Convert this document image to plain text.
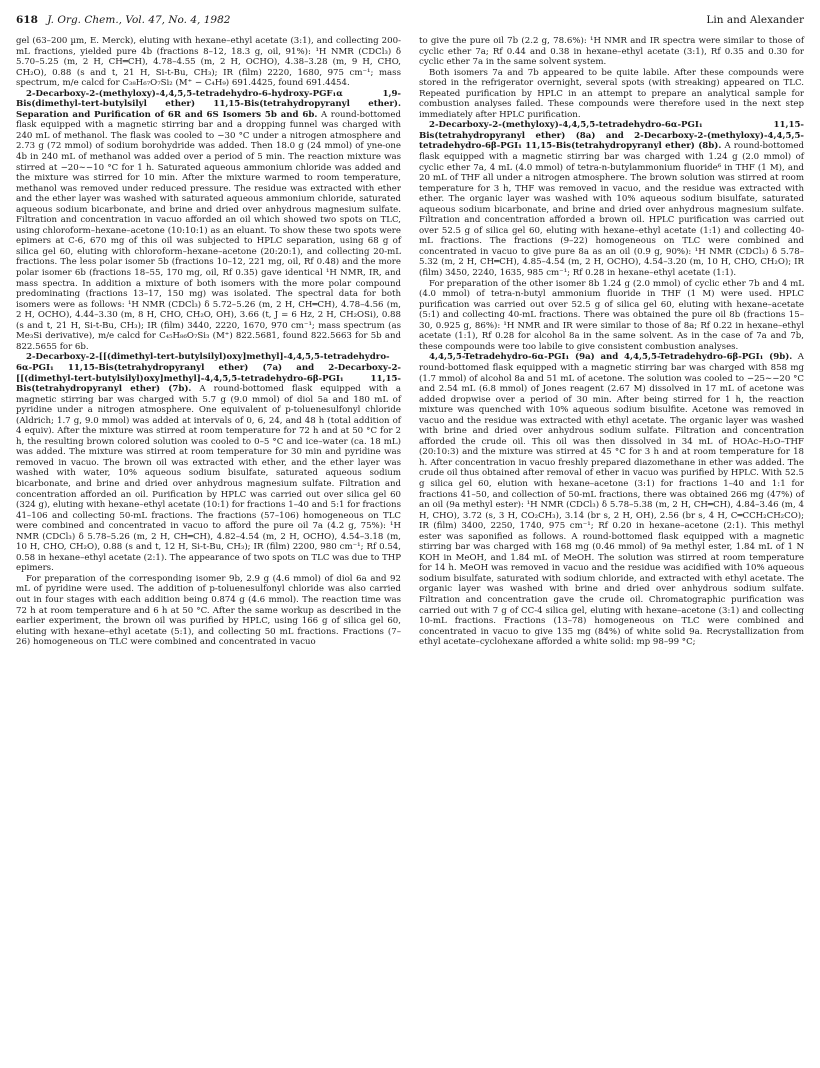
618 J. Org. Chem., Vol. 47, No. 4, 1982	Lin and Alexander

gel (63–200 µm, E. Merck), eluting with hexane–ethyl acetate (3:1), and collecting 200-mL fractions, yielded pure 4b (fractions 8–12, 18.3 g, oil, 91%): ¹H NMR (CDCl₃) δ 5.70–5.25 (m, 2 H, CH═CH), 4.78–4.55 (m, 2 H, OCHO), 4.38–3.28 (m, 9 H, CHO, CH₂O), 0.88 (s and t, 21 H, Si-t-Bu, CH₃); IR (film) 2220, 1680, 975 cm⁻¹; mass spectrum, m/e calcd for C₃₈H₆₇O₇Si₂ (M⁺ − C₄H₉) 691.4425, found 691.4454.

2-Decarboxy-2-(methyloxy)-4,4,5,5-tetradehydro-6-hydroxy-PGF₁α 1,9-Bis(dimethyl-tert-butylsilyl ether) 11,15-Bis(tetrahydropyranyl ether). Separation and Purification of 6R and 6S Isomers 5b and 6b. A round-bottomed flask equipped with a magnetic stirring bar and a dropping funnel was charged with 240 mL of methanol. The flask was cooled to −30 °C under a nitrogen atmosphere and 2.73 g (72 mmol) of sodium borohydride was added. Then 18.0 g (24 mmol) of yne-one 4b in 240 mL of methanol was added over a period of 5 min. The reaction mixture was stirred at −20∼−10 °C for 1 h. Saturated aqueous ammonium chloride was added and the mixture was stirred for 10 min. After the mixture warmed to room temperature, methanol was removed under reduced pressure. The residue was extracted with ether and the ether layer was washed with saturated aqueous ammonium chloride, saturated aqueous sodium bicarbonate, and brine and dried over anhydrous magnesium sulfate. Filtration and concentration in vacuo afforded an oil which showed two spots on TLC, using chloroform–hexane–acetone (10:10:1) as an eluant. To show these two spots were epimers at C-6, 670 mg of this oil was subjected to HPLC separation, using 68 g of silica gel 60, eluting with chloroform–hexane–acetone (20:20:1), and collecting 20-mL fractions. The less polar isomer 5b (fractions 10–12, 221 mg, oil, Rf 0.48) and the more polar isomer 6b (fractions 18–55, 170 mg, oil, Rf 0.35) gave identical ¹H NMR, IR, and mass spectra. In addition a mixture of both isomers with the more polar compound predominating (fractions 13–17, 150 mg) was isolated. The spectral data for both isomers were as follows: ¹H NMR (CDCl₃) δ 5.72–5.26 (m, 2 H, CH═CH), 4.78–4.56 (m, 2 H, OCHO), 4.44–3.30 (m, 8 H, CHO, CH₂O, OH), 3.66 (t, J = 6 Hz, 2 H, CH₂OSi), 0.88 (s and t, 21 H, Si-t-Bu, CH₃); IR (film) 3440, 2220, 1670, 970 cm⁻¹; mass spectrum (as Me₃Si derivative), m/e calcd for C₄₅H₈₆O₇Si₃ (M⁺) 822.5681, found 822.5663 for 5b and 822.5655 for 6b.

2-Decarboxy-2-[[(dimethyl-tert-butylsilyl)oxy]methyl]-4,4,5,5-tetradehydro-6α-PGI₁ 11,15-Bis(tetrahydropyranyl ether) (7a) and 2-Decarboxy-2-[[(dimethyl-tert-butylsilyl)oxy]methyl]-4,4,5,5-tetradehydro-6β-PGI₁ 11,15-Bis(tetrahydropyranyl ether) (7b). A round-bottomed flask equipped with a magnetic stirring bar was charged with 5.7 g (9.0 mmol) of diol 5a and 180 mL of pyridine under a nitrogen atmosphere. One equivalent of p-toluenesulfonyl chloride (Aldrich; 1.7 g, 9.0 mmol) was added at intervals of 0, 6, 24, and 48 h (total addition of 4 equiv). After the mixture was stirred at room temperature for 72 h and at 50 °C for 2 h, the resulting brown colored solution was cooled to 0–5 °C and ice–water (ca. 18 mL) was added. The mixture was stirred at room temperature for 30 min and pyridine was removed in vacuo. The brown oil was extracted with ether, and the ether layer was washed with water, 10% aqueous sodium bisulfate, saturated aqueous sodium bicarbonate, and brine and dried over anhydrous magnesium sulfate. Filtration and concentration afforded an oil. Purification by HPLC was carried out over silica gel 60 (324 g), eluting with hexane–ethyl acetate (10:1) for fractions 1–40 and 5:1 for fractions 41–106 and collecting 50-mL fractions. The fractions (57–106) homogeneous on TLC were combined and concentrated in vacuo to afford the pure oil 7a (4.2 g, 75%): ¹H NMR (CDCl₃) δ 5.78–5.26 (m, 2 H, CH═CH), 4.82–4.54 (m, 2 H, OCHO), 4.54–3.18 (m, 10 H, CHO, CH₂O), 0.88 (s and t, 12 H, Si-t-Bu, CH₃); IR (film) 2200, 980 cm⁻¹; Rf 0.54, 0.58 in hexane–ethyl acetate (2:1). The appearance of two spots on TLC was due to THP epimers.

For preparation of the corresponding isomer 9b, 2.9 g (4.6 mmol) of diol 6a and 92 mL of pyridine were used. The addition of p-toluenesulfonyl chloride was also carried out in four stages with each addition being 0.874 g (4.6 mmol). The reaction time was 72 h at room temperature and 6 h at 50 °C. After the same workup as described in the earlier experiment, the brown oil was purified by HPLC, using 166 g of silica gel 60, eluting with hexane–ethyl acetate (5:1), and collecting 50 mL fractions. Fractions (7–26) homogeneous on TLC were combined and concentrated in vacuo

to give the pure oil 7b (2.2 g, 78.6%): ¹H NMR and IR spectra were similar to those of cyclic ether 7a; Rf 0.44 and 0.38 in hexane–ethyl acetate (3:1), Rf 0.35 and 0.30 for cyclic ether 7a in the same solvent system.

Both isomers 7a and 7b appeared to be quite labile. After these compounds were stored in the refrigerator overnight, several spots (with streaking) appeared on TLC. Repeated purification by HPLC in an attempt to prepare an analytical sample for combustion analyses failed. These compounds were therefore used in the next step immediately after HPLC purification.

2-Decarboxy-2-(methyloxy)-4,4,5,5-tetradehydro-6α-PGI₁ 11,15-Bis(tetrahydropyranyl ether) (8a) and 2-Decarboxy-2-(methyloxy)-4,4,5,5-tetradehydro-6β-PGI₁ 11,15-Bis(tetrahydropyranyl ether) (8b). A round-bottomed flask equipped with a magnetic stirring bar was charged with 1.24 g (2.0 mmol) of cyclic ether 7a, 4 mL (4.0 mmol) of tetra-n-butylammonium fluoride⁶ in THF (1 M), and 20 mL of THF all under a nitrogen atmosphere. The brown solution was stirred at room temperature for 3 h, THF was removed in vacuo, and the residue was extracted with ether. The organic layer was washed with 10% aqueous sodium bisulfate, saturated aqueous sodium bicarbonate, and brine and dried over anhydrous magnesium sulfate. Filtration and concentration afforded a brown oil. HPLC purification was carried out over 52.5 g of silica gel 60, eluting with hexane–ethyl acetate (1:1) and collecting 40-mL fractions. The fractions (9–22) homogeneous on TLC were combined and concentrated in vacuo to give pure 8a as an oil (0.9 g, 90%): ¹H NMR (CDCl₃) δ 5.78–5.32 (m, 2 H, CH═CH), 4.85–4.54 (m, 2 H, OCHO), 4.54–3.20 (m, 10 H, CHO, CH₂O); IR (film) 3450, 2240, 1635, 985 cm⁻¹; Rf 0.28 in hexane–ethyl acetate (1:1).

For preparation of the other isomer 8b 1.24 g (2.0 mmol) of cyclic ether 7b and 4 mL (4.0 mmol) of tetra-n-butyl ammonium fluoride in THF (1 M) were used. HPLC purification was carried out over 52.5 g of silica gel 60, eluting with hexane–acetate (5:1) and collecting 40-mL fractions. There was obtained the pure oil 8b (fractions 15–30, 0.925 g, 86%): ¹H NMR and IR were similar to those of 8a; Rf 0.22 in hexane–ethyl acetate (1:1), Rf 0.28 for alcohol 8a in the same solvent. As in the case of 7a and 7b, these compounds were too labile to give consistent combustion analyses.

4,4,5,5-Tetradehydro-6α-PGI₁ (9a) and 4,4,5,5-Tetradehydro-6β-PGI₁ (9b). A round-bottomed flask equipped with a magnetic stirring bar was charged with 858 mg (1.7 mmol) of alcohol 8a and 51 mL of acetone. The solution was cooled to −25∼−20 °C and 2.54 mL (6.8 mmol) of Jones reagent (2.67 M) dissolved in 17 mL of acetone was added dropwise over a period of 30 min. After being stirred for 1 h, the reaction mixture was quenched with 10% aqueous sodium bisulfite. Acetone was removed in vacuo and the residue was extracted with ethyl acetate. The organic layer was washed with brine and dried over anhydrous sodium sulfate. Filtration and concentration afforded the crude oil. This oil was then dissolved in 34 mL of HOAc–H₂O–THF (20:10:3) and the mixture was stirred at 45 °C for 3 h and at room temperature for 18 h. After concentration in vacuo freshly prepared diazomethane in ether was added. The crude oil thus obtained after removal of ether in vacuo was purified by HPLC. With 52.5 g silica gel 60, elution with hexane–acetone (3:1) for fractions 1–40 and 1:1 for fractions 41–50, and collection of 50-mL fractions, there was obtained 266 mg (47%) of an oil (9a methyl ester): ¹H NMR (CDCl₃) δ 5.78–5.38 (m, 2 H, CH═CH), 4.84–3.46 (m, 4 H, CHO), 3.72 (s, 3 H, CO₂CH₃), 3.14 (br s, 2 H, OH), 2.56 (br s, 4 H, C═CCH₂CH₂CO); IR (film) 3400, 2250, 1740, 975 cm⁻¹; Rf 0.20 in hexane–acetone (2:1). This methyl ester was saponified as follows. A round-bottomed flask equipped with a magnetic stirring bar was charged with 168 mg (0.46 mmol) of 9a methyl ester, 1.84 mL of 1 N KOH in MeOH, and 1.84 mL of MeOH. The solution was stirred at room temperature for 14 h. MeOH was removed in vacuo and the residue was acidified with 10% aqueous sodium bisulfate, saturated with sodium chloride, and extracted with ethyl acetate. The organic layer was washed with brine and dried over anhydrous sodium sulfate. Filtration and concentration gave the crude oil. Chromatographic purification was carried out with 7 g of CC-4 silica gel, eluting with hexane–acetone (3:1) and collecting 10-mL fractions. Fractions (13–78) homogeneous on TLC were combined and concentrated in vacuo to give 135 mg (84%) of white solid 9a. Recrystallization from ethyl acetate–cyclohexane afforded a white solid: mp 98–99 °C;
